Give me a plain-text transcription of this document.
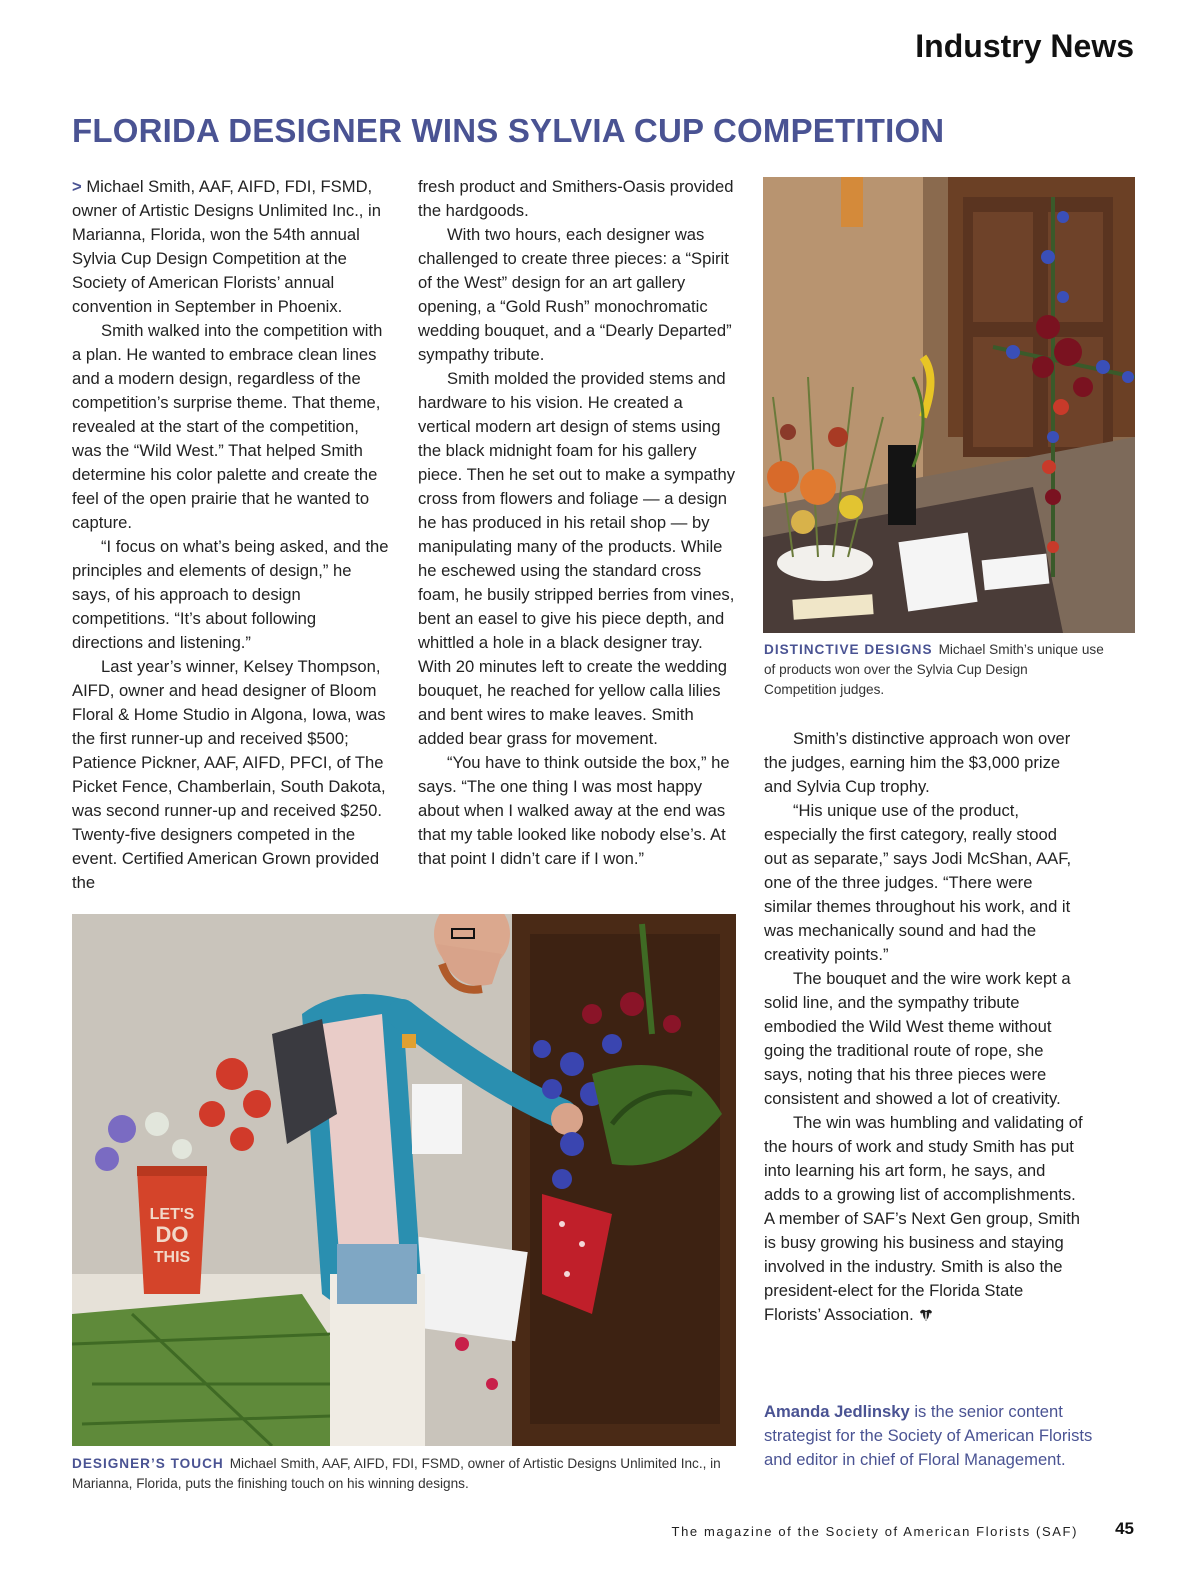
Industry News
FLORIDA DESIGNER WINS SYLVIA CUP COMPETITION

> Michael Smith, AAF, AIFD, FDI, FSMD, owner of Artistic Designs Unlimited Inc., in Marianna, Florida, won the 54th annual Sylvia Cup Design Competition at the Society of American Florists’ annual convention in September in Phoenix.

Smith walked into the competition with a plan. He wanted to embrace clean lines and a modern design, regardless of the competition’s surprise theme. That theme, revealed at the start of the competition, was the “Wild West.” That helped Smith determine his color palette and create the feel of the open prairie that he wanted to capture.

“I focus on what’s being asked, and the principles and elements of design,” he says, of his approach to design competitions. “It’s about following directions and listening.”

Last year’s winner, Kelsey Thompson, AIFD, owner and head designer of Bloom Floral & Home Studio in Algona, Iowa, was the first runner-up and received $500; Patience Pickner, AAF, AIFD, PFCI, of The Picket Fence, Chamberlain, South Dakota, was second runner-up and received $250. Twenty-five designers competed in the event. Certified American Grown provided the

fresh product and Smithers-Oasis provided the hardgoods.

With two hours, each designer was challenged to create three pieces: a “Spirit of the West” design for an art gallery opening, a “Gold Rush” monochromatic wedding bouquet, and a “Dearly Departed” sympathy tribute.

Smith molded the provided stems and hardware to his vision. He created a vertical modern art design of stems using the black midnight foam for his gallery piece. Then he set out to make a sympathy cross from flowers and foliage — a design he has produced in his retail shop — by manipulating many of the products. While he eschewed using the standard cross foam, he busily stripped berries from vines, bent an easel to give his piece depth, and whittled a hole in a black designer tray. With 20 minutes left to create the wedding bouquet, he reached for yellow calla lilies and bent wires to make leaves. Smith added bear grass for movement.

“You have to think outside the box,” he says. “The one thing I was most happy about when I walked away at the end was that my table looked like nobody else’s. At that point I didn’t care if I won.”

DISTINCTIVE DESIGNS Michael Smith’s unique use of products won over the Sylvia Cup Design Competition judges.

Smith’s distinctive approach won over the judges, earning him the $3,000 prize and Sylvia Cup trophy.

“His unique use of the product, especially the first category, really stood out as separate,” says Jodi McShan, AAF, one of the three judges. “There were similar themes throughout his work, and it was mechanically sound and had the creativity points.”

The bouquet and the wire work kept a solid line, and the sympathy tribute embodied the Wild West theme without going the traditional route of rope, she says, noting that his three pieces were consistent and showed a lot of creativity.

The win was humbling and validating of the hours of work and study Smith has put into learning his art form, he says, and adds to a growing list of accomplishments. A member of SAF’s Next Gen group, Smith is busy growing his business and staying involved in the industry. Smith is also the president-elect for the Florida State Florists’ Association.

LET'S
DO
THIS
DESIGNER’S TOUCH Michael Smith, AAF, AIFD, FDI, FSMD, owner of Artistic Designs Unlimited Inc., in Marianna, Florida, puts the finishing touch on his winning designs.
Amanda Jedlinsky is the senior content strategist for the Society of American Florists and editor in chief of Floral Management.
The magazine of the Society of American Florists (SAF) 45
